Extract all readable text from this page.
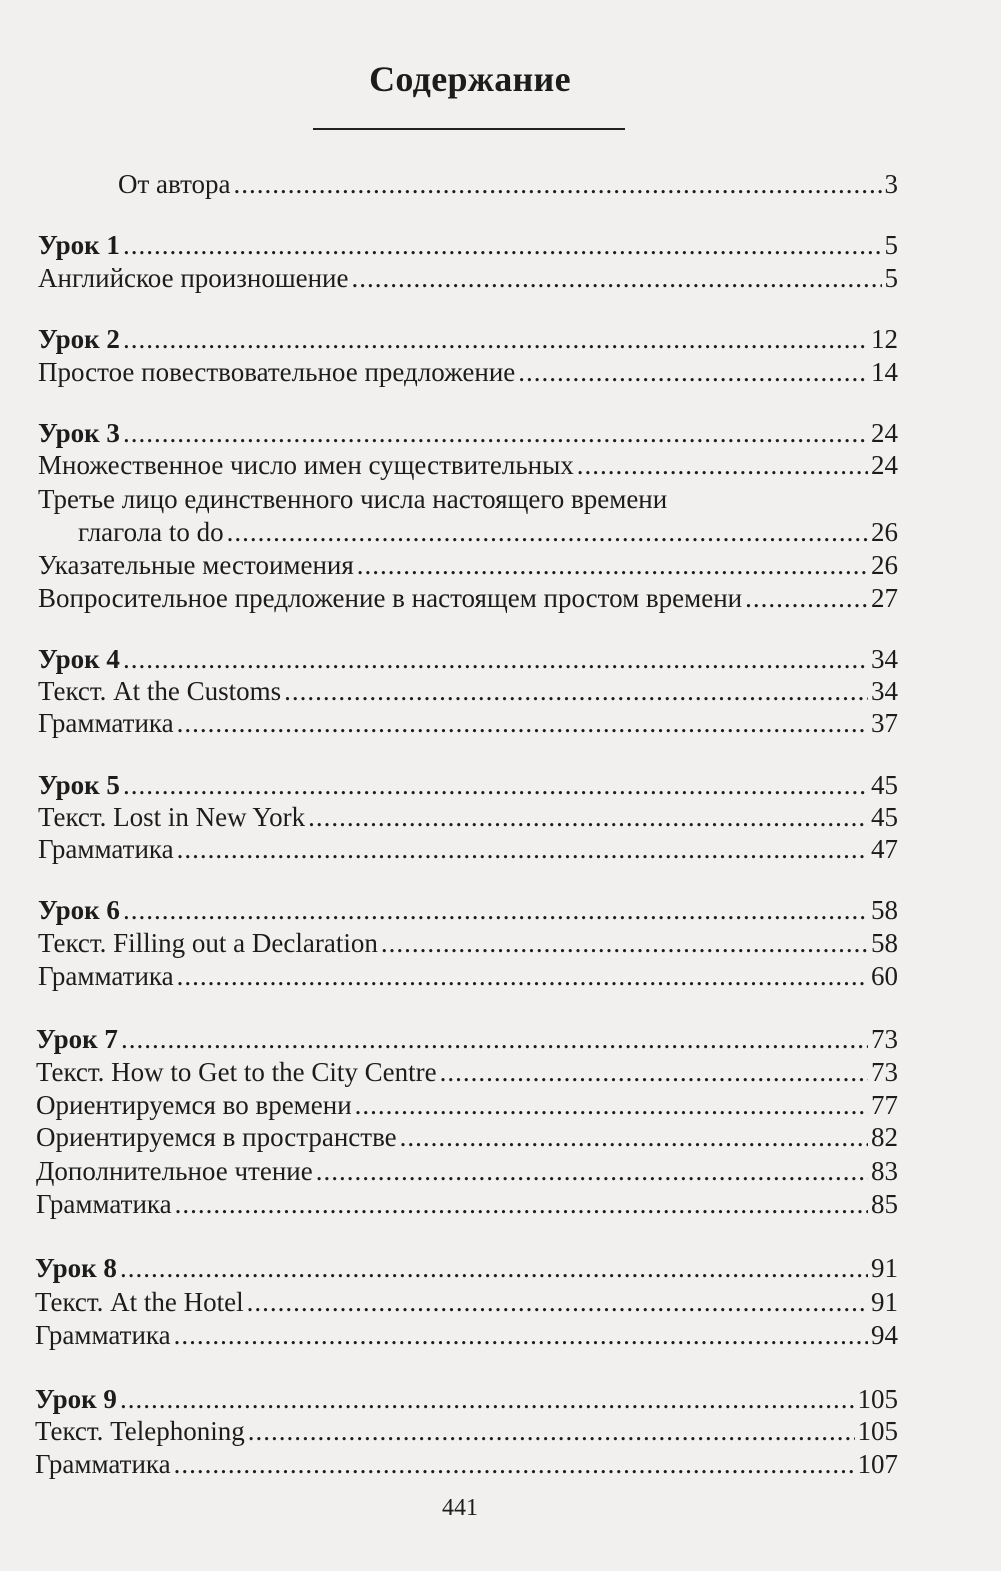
Содержание
От автора .....	3
Урок 1 .....	5
Английское произношение .....	5
Урок 2 .....	12
Простое повествовательное предложение .....	14
Урок 3 .....	24
Множественное число имен существительных .....	24
Третье лицо единственного числа настоящего времени
глагола to do .....	26
Указательные местоимения .....	26
Вопросительное предложение в настоящем простом времени .....	27
Урок 4 .....	34
Текст. At the Customs .....	34
Грамматика .....	37
Урок 5 .....	45
Текст. Lost in New York .....	45
Грамматика .....	47
Урок 6 .....	58
Текст. Filling out a Declaration .....	58
Грамматика .....	60
Урок 7 .....	73
Текст. How to Get to the City Centre .....	73
Ориентируемся во времени .....	77
Ориентируемся в пространстве .....	82
Дополнительное чтение .....	83
Грамматика .....	85
Урок 8 .....	91
Текст. At the Hotel .....	91
Грамматика .....	94
Урок 9 .....	105
Текст. Telephoning .....	105
Грамматика .....	107
441
